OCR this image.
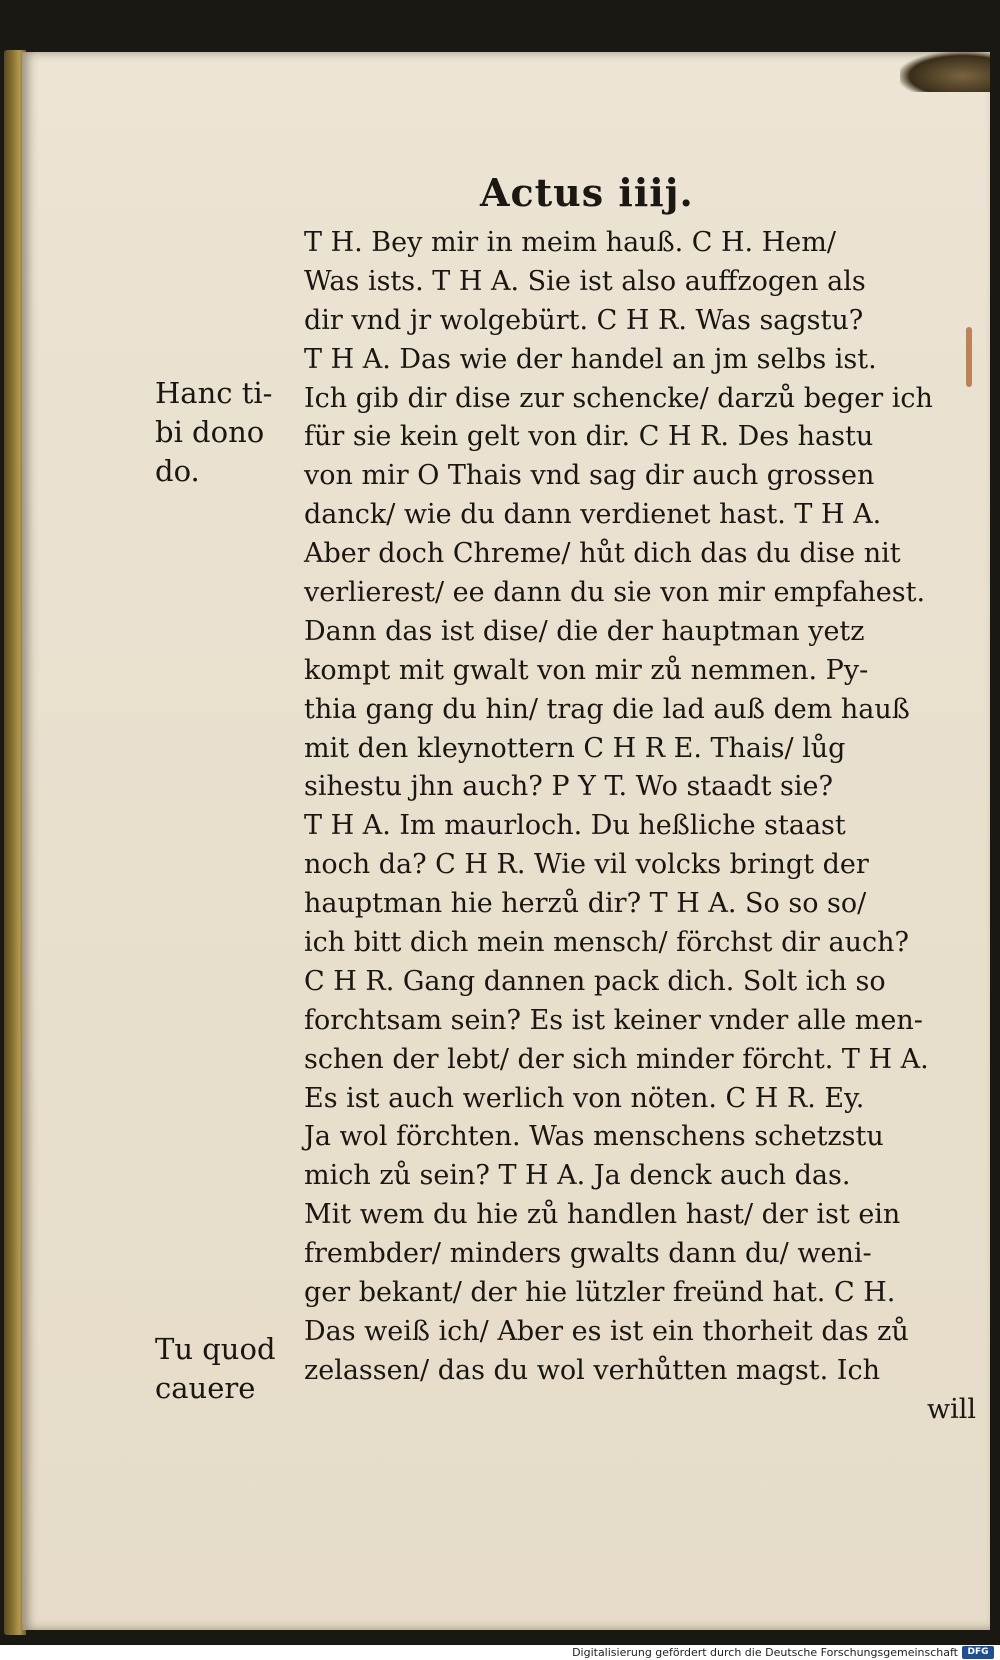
Actus iiij.
Hanc ti-
bi dono
do.
Tu quod
cauere
T H. Bey mir in meim hauß. C H. Hem/
Was ists. T H A. Sie ist also auffzogen als
dir vnd jr wolgebürt. C H R. Was sagstu?
T H A. Das wie der handel an jm selbs ist.
Ich gib dir dise zur schencke/ darzů beger ich
für sie kein gelt von dir. C H R. Des hastu
von mir O Thais vnd sag dir auch grossen
danck/ wie du dann verdienet hast. T H A.
Aber doch Chreme/ hůt dich das du dise nit
verlierest/ ee dann du sie von mir empfahest.
Dann das ist dise/ die der hauptman yetz
kompt mit gwalt von mir zů nemmen. Py-
thia gang du hin/ trag die lad auß dem hauß
mit den kleynottern C H R E. Thais/ lůg
sihestu jhn auch? P Y T. Wo staadt sie?
T H A. Im maurloch. Du heßliche staast
noch da? C H R. Wie vil volcks bringt der
hauptman hie herzů dir? T H A. So so so/
ich bitt dich mein mensch/ förchst dir auch?
C H R. Gang dannen pack dich. Solt ich so
forchtsam sein? Es ist keiner vnder alle men-
schen der lebt/ der sich minder förcht. T H A.
Es ist auch werlich von nöten. C H R. Ey.
Ja wol förchten. Was menschens schetzstu
mich zů sein? T H A. Ja denck auch das.
Mit wem du hie zů handlen hast/ der ist ein
frembder/ minders gwalts dann du/ weni-
ger bekant/ der hie lützler freünd hat. C H.
Das weiß ich/ Aber es ist ein thorheit das zů
zelassen/ das du wol verhůtten magst. Ich
will
Digitalisierung gefördert durch die Deutsche Forschungsgemeinschaft	DFG
